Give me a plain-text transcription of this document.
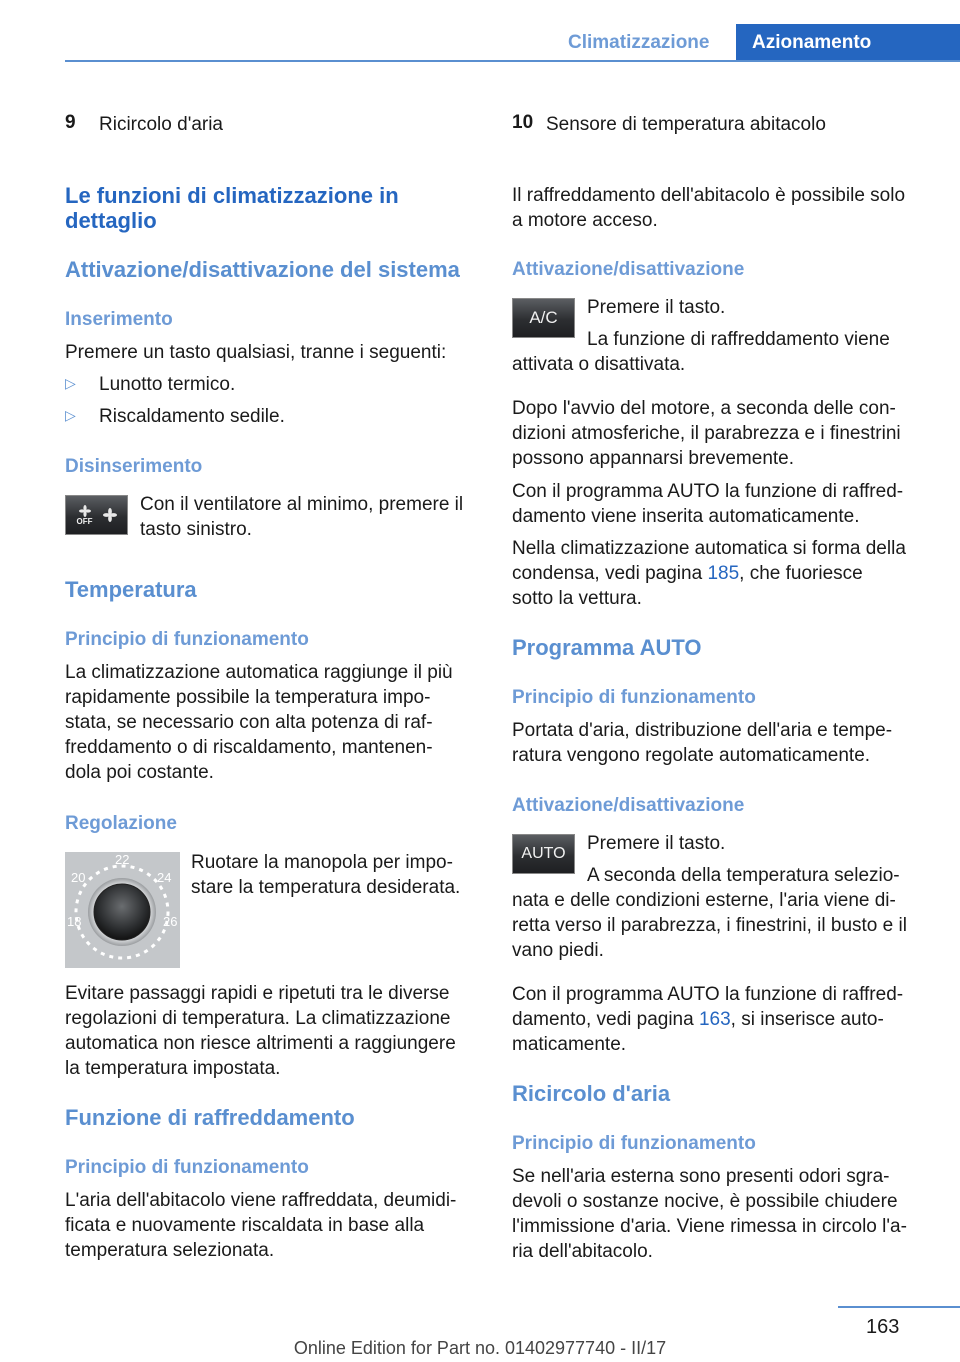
Climatizzazione	Azionamento
9 Ricircolo d'aria
Le funzioni di climatizzazione in
dettaglio
Attivazione/disattivazione del sistema
Inserimento
Premere un tasto qualsiasi, tranne i seguenti:
▷ Lunotto termico.
▷ Riscaldamento sedile.
Disinserimento
OFF
Con il ventilatore al minimo, premere il
tasto sinistro.
Temperatura
Principio di funzionamento
La climatizzazione automatica raggiunge il più
rapidamente possibile la temperatura impo-
stata, se necessario con alta potenza di raf-
freddamento o di riscaldamento, mantenen-
dola poi costante.
Regolazione
22
20	24
18	26
Ruotare la manopola per impo-
stare la temperatura desiderata.
Evitare passaggi rapidi e ripetuti tra le diverse
regolazioni di temperatura. La climatizzazione
automatica non riesce altrimenti a raggiungere
la temperatura impostata.
Funzione di raffreddamento
Principio di funzionamento
L'aria dell'abitacolo viene raffreddata, deumidi-
ficata e nuovamente riscaldata in base alla
temperatura selezionata.
10 Sensore di temperatura abitacolo
Il raffreddamento dell'abitacolo è possibile solo
a motore acceso.
Attivazione/disattivazione
A/C Premere il tasto.
La funzione di raffreddamento viene
attivata o disattivata.
Dopo l'avvio del motore, a seconda delle con-
dizioni atmosferiche, il parabrezza e i finestrini
possono appannarsi brevemente.
Con il programma AUTO la funzione di raffred-
damento viene inserita automaticamente.
Nella climatizzazione automatica si forma della
condensa, vedi pagina 185, che fuoriesce
sotto la vettura.
Programma AUTO
Principio di funzionamento
Portata d'aria, distribuzione dell'aria e tempe-
ratura vengono regolate automaticamente.
Attivazione/disattivazione
AUTO Premere il tasto.
A seconda della temperatura selezio-
nata e delle condizioni esterne, l'aria viene di-
retta verso il parabrezza, i finestrini, il busto e il
vano piedi.
Con il programma AUTO la funzione di raffred-
damento, vedi pagina 163, si inserisce auto-
maticamente.
Ricircolo d'aria
Principio di funzionamento
Se nell'aria esterna sono presenti odori sgra-
devoli o sostanze nocive, è possibile chiudere
l'immissione d'aria. Viene rimessa in circolo l'a-
ria dell'abitacolo.
163
Online Edition for Part no. 01402977740 - II/17
